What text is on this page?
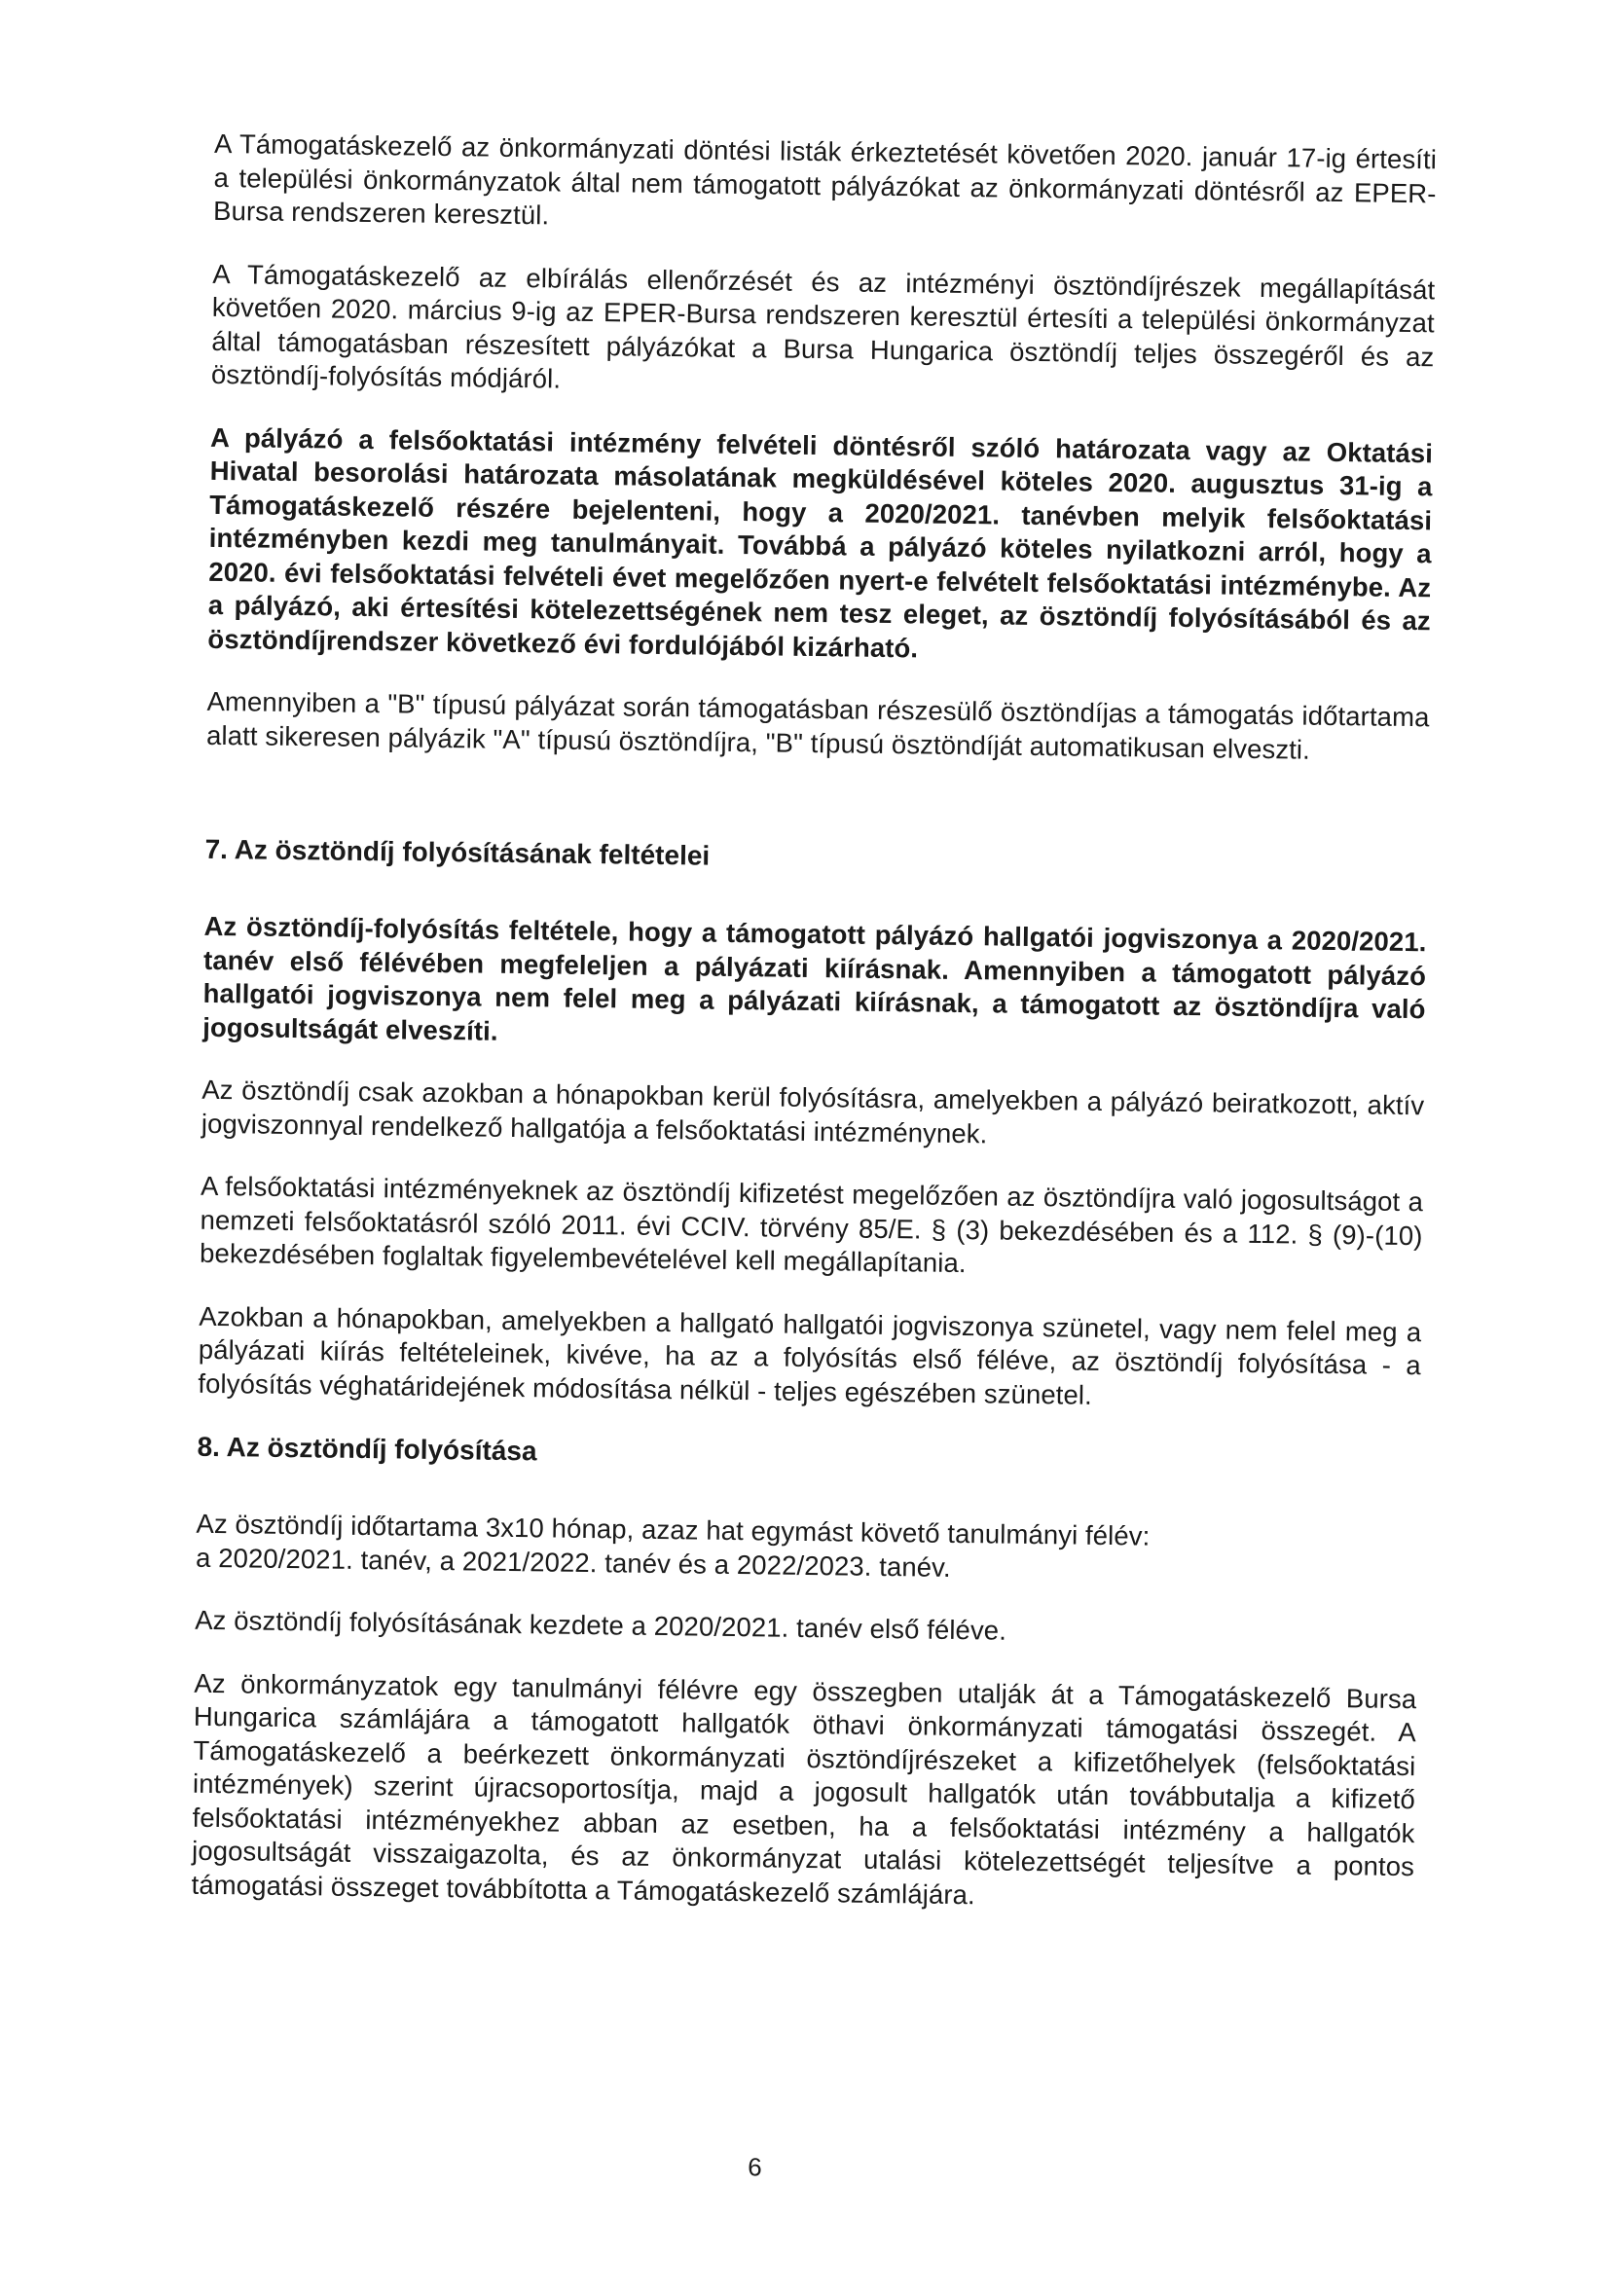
A Támogatáskezelő az önkormányzati döntési listák érkeztetését követően 2020. január 17-ig értesíti a települési önkormányzatok által nem támogatott pályázókat az önkormányzati döntésről az EPER-Bursa rendszeren keresztül.

A Támogatáskezelő az elbírálás ellenőrzését és az intézményi ösztöndíjrészek megállapítását követően 2020. március 9-ig az EPER-Bursa rendszeren keresztül értesíti a települési önkormányzat által támogatásban részesített pályázókat a Bursa Hungarica ösztöndíj teljes összegéről és az ösztöndíj-folyósítás módjáról.

A pályázó a felsőoktatási intézmény felvételi döntésről szóló határozata vagy az Oktatási Hivatal besorolási határozata másolatának megküldésével köteles 2020. augusztus 31-ig a Támogatáskezelő részére bejelenteni, hogy a 2020/2021. tanévben melyik felsőoktatási intézményben kezdi meg tanulmányait. Továbbá a pályázó köteles nyilatkozni arról, hogy a 2020. évi felsőoktatási felvételi évet megelőzően nyert-e felvételt felsőoktatási intézménybe. Az a pályázó, aki értesítési kötelezettségének nem tesz eleget, az ösztöndíj folyósításából és az ösztöndíjrendszer következő évi fordulójából kizárható.

Amennyiben a "B" típusú pályázat során támogatásban részesülő ösztöndíjas a támogatás időtartama alatt sikeresen pályázik "A" típusú ösztöndíjra, "B" típusú ösztöndíját automatikusan elveszti.

7. Az ösztöndíj folyósításának feltételei

Az ösztöndíj-folyósítás feltétele, hogy a támogatott pályázó hallgatói jogviszonya a 2020/2021. tanév első félévében megfeleljen a pályázati kiírásnak. Amennyiben a támogatott pályázó hallgatói jogviszonya nem felel meg a pályázati kiírásnak, a támogatott az ösztöndíjra való jogosultságát elveszíti.

Az ösztöndíj csak azokban a hónapokban kerül folyósításra, amelyekben a pályázó beiratkozott, aktív jogviszonnyal rendelkező hallgatója a felsőoktatási intézménynek.

A felsőoktatási intézményeknek az ösztöndíj kifizetést megelőzően az ösztöndíjra való jogosultságot a nemzeti felsőoktatásról szóló 2011. évi CCIV. törvény 85/E. § (3) bekezdésében és a 112. § (9)-(10) bekezdésében foglaltak figyelembevételével kell megállapítania.

Azokban a hónapokban, amelyekben a hallgató hallgatói jogviszonya szünetel, vagy nem felel meg a pályázati kiírás feltételeinek, kivéve, ha az a folyósítás első féléve, az ösztöndíj folyósítása - a folyósítás véghatáridejének módosítása nélkül - teljes egészében szünetel.

8. Az ösztöndíj folyósítása

Az ösztöndíj időtartama 3x10 hónap, azaz hat egymást követő tanulmányi félév:

a 2020/2021. tanév, a 2021/2022. tanév és a 2022/2023. tanév.

Az ösztöndíj folyósításának kezdete a 2020/2021. tanév első féléve.

Az önkormányzatok egy tanulmányi félévre egy összegben utalják át a Támogatáskezelő Bursa Hungarica számlájára a támogatott hallgatók öthavi önkormányzati támogatási összegét. A Támogatáskezelő a beérkezett önkormányzati ösztöndíjrészeket a kifizetőhelyek (felsőoktatási intézmények) szerint újracsoportosítja, majd a jogosult hallgatók után továbbutalja a kifizető felsőoktatási intézményekhez abban az esetben, ha a felsőoktatási intézmény a hallgatók jogosultságát visszaigazolta, és az önkormányzat utalási kötelezettségét teljesítve a pontos támogatási összeget továbbította a Támogatáskezelő számlájára.

6
